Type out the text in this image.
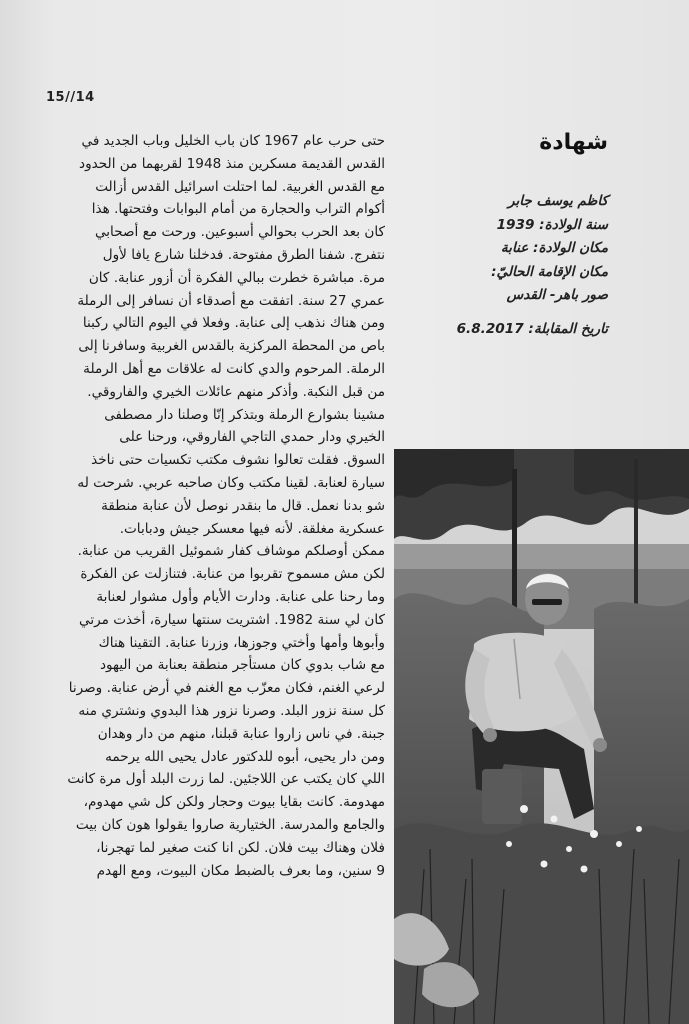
15//14
حتى حرب عام 1967 كان باب الخليل وباب الجديد في
القدس القديمة مسكرين منذ 1948 لقربهما من الحدود
مع القدس الغربية. لما احتلت اسرائيل القدس أزالت
أكوام التراب والحجارة من أمام البوابات وفتحتها. هذا
كان بعد الحرب بحوالي أسبوعين. ورحت مع أصحابي
نتفرج. شفنا الطرق مفتوحة. فدخلنا شارع يافا لأول
مرة. مباشرة خطرت ببالي الفكرة أن أزور عنابة. كان
عمري 27 سنة. اتفقت مع أصدقاء أن نسافر إلى الرملة
ومن هناك نذهب إلى عنابة. وفعلا في اليوم التالي ركبنا
باص من المحطة المركزية بالقدس الغربية وسافرنا إلى
الرملة. المرحوم والدي كانت له علاقات مع أهل الرملة
من قبل النكبة. وأذكر منهم عائلات الخيري والفاروقي.
مشينا بشوارع الرملة وبتذكر إنّا وصلنا دار مصطفى
الخيري ودار حمدي التاجي الفاروقي، ورحنا على
السوق. فقلت تعالوا نشوف مكتب تكسيات حتى ناخذ
سيارة لعنابة. لقينا مكتب وكان صاحبه عربي. شرحت له
شو بدنا نعمل. قال ما بنقدر نوصل لأن عنابة منطقة
عسكرية مغلقة. لأنه فيها معسكر جيش ودبابات.
ممكن أوصلكم موشاف كفار شموئيل القريب من عنابة.
لكن مش مسموح تقربوا من عنابة. فتنازلت عن الفكرة
وما رحنا على عنابة. ودارت الأيام وأول مشوار لعنابة
كان لي سنة 1982. اشتريت سنتها سيارة، أخذت مرتي
وأبوها وأمها وأختي وجوزها، وزرنا عنابة. التقينا هناك
مع شاب بدوي كان مستأجر منطقة بعنابة من اليهود
لرعي الغنم، فكان معزّب مع الغنم في أرض عنابة. وصرنا
كل سنة نزور البلد. وصرنا نزور هذا البدوي ونشتري منه
جبنة. في ناس زاروا عنابة قبلنا، منهم من دار وهدان
ومن دار يحيى، أبوه للدكتور عادل يحيى الله يرحمه
اللي كان يكتب عن اللاجئين. لما زرت البلد أول مرة كانت
مهدومة. كانت بقايا بيوت وحجار ولكن كل شي مهدوم،
والجامع والمدرسة. الختيارية صاروا يقولوا هون كان بيت
فلان وهناك بيت فلان. لكن انا كنت صغير لما تهجرنا،
9 سنين، وما بعرف بالضبط مكان البيوت، ومع الهدم
شهادة
كاظم يوسف جابر
سنة الولادة: 1939
مكان الولادة: عنابة
مكان الإقامة الحاليّ:
صور باهر- القدس
تاريخ المقابلة: 6.8.2017
